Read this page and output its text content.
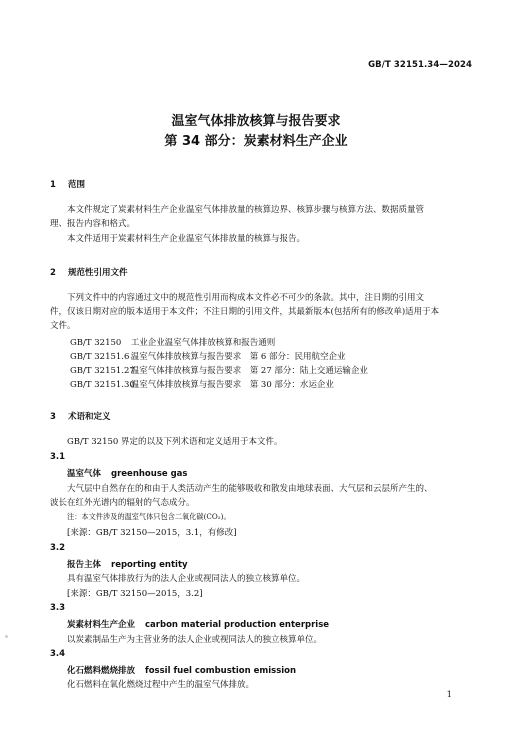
GB/T 32151.34—2024
温室气体排放核算与报告要求
第 34 部分：炭素材料生产企业
1 范围
本文件规定了炭素材料生产企业温室气体排放量的核算边界、核算步骤与核算方法、数据质量管
理、报告内容和格式。
本文件适用于炭素材料生产企业温室气体排放量的核算与报告。
2 规范性引用文件
下列文件中的内容通过文中的规范性引用而构成本文件必不可少的条款。其中，注日期的引用文
件，仅该日期对应的版本适用于本文件；不注日期的引用文件，其最新版本(包括所有的修改单)适用于本
文件。
GB/T 32150 工业企业温室气体排放核算和报告通则
GB/T 32151.6 温室气体排放核算与报告要求　第 6 部分：民用航空企业
GB/T 32151.27 温室气体排放核算与报告要求　第 27 部分：陆上交通运输企业
GB/T 32151.30 温室气体排放核算与报告要求　第 30 部分：水运企业
3 术语和定义
GB/T 32150 界定的以及下列术语和定义适用于本文件。
3.1
温室气体 greenhouse gas
大气层中自然存在的和由于人类活动产生的能够吸收和散发由地球表面、大气层和云层所产生的、
波长在红外光谱内的辐射的气态成分。
注：本文件涉及的温室气体只包含二氧化碳(CO₂)。
[来源：GB/T 32150—2015，3.1，有修改]
3.2
报告主体 reporting entity
具有温室气体排放行为的法人企业或视同法人的独立核算单位。
[来源：GB/T 32150—2015，3.2]
3.3
炭素材料生产企业 carbon material production enterprise
以炭素制品生产为主营业务的法人企业或视同法人的独立核算单位。
3.4
化石燃料燃烧排放 fossil fuel combustion emission
化石燃料在氧化燃烧过程中产生的温室气体排放。
1
